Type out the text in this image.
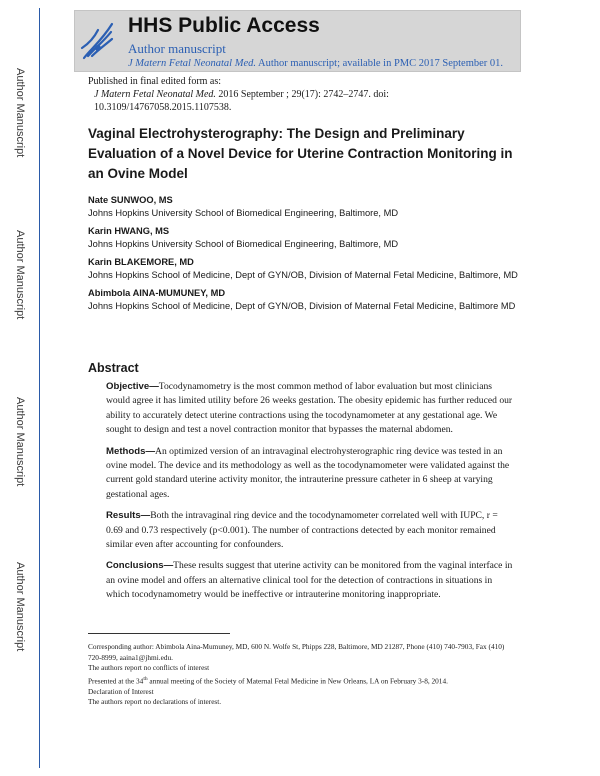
Author Manuscript
Author Manuscript
Author Manuscript
Author Manuscript
HHS Public Access
Author manuscript
J Matern Fetal Neonatal Med. Author manuscript; available in PMC 2017 September 01.
Published in final edited form as:
J Matern Fetal Neonatal Med. 2016 September ; 29(17): 2742–2747. doi:
10.3109/14767058.2015.1107538.
Vaginal Electrohysterography: The Design and Preliminary Evaluation of a Novel Device for Uterine Contraction Monitoring in an Ovine Model
Nate SUNWOO, MS
Johns Hopkins University School of Biomedical Engineering, Baltimore, MD
Karin HWANG, MS
Johns Hopkins University School of Biomedical Engineering, Baltimore, MD
Karin BLAKEMORE, MD
Johns Hopkins School of Medicine, Dept of GYN/OB, Division of Maternal Fetal Medicine, Baltimore, MD
Abimbola AINA-MUMUNEY, MD
Johns Hopkins School of Medicine, Dept of GYN/OB, Division of Maternal Fetal Medicine, Baltimore MD
Abstract

Objective—Tocodynamometry is the most common method of labor evaluation but most clinicians would agree it has limited utility before 26 weeks gestation. The obesity epidemic has further reduced our ability to accurately detect uterine contractions using the tocodynamometer at any gestational age. We sought to design and test a novel contraction monitor that bypasses the maternal abdomen.

Methods—An optimized version of an intravaginal electrohysterographic ring device was tested in an ovine model. The device and its methodology as well as the tocodynamometer were validated against the current gold standard uterine activity monitor, the intrauterine pressure catheter in 6 sheep at varying gestational ages.

Results—Both the intravaginal ring device and the tocodynamometer correlated well with IUPC, r = 0.69 and 0.73 respectively (p<0.001). The number of contractions detected by each monitor remained similar even after accounting for confounders.

Conclusions—These results suggest that uterine activity can be monitored from the vaginal interface in an ovine model and offers an alternative clinical tool for the detection of contractions in situations in which tocodynamometry would be ineffective or intrauterine monitoring inappropriate.

Corresponding author: Abimbola Aina-Mumuney, MD, 600 N. Wolfe St, Phipps 228, Baltimore, MD 21287, Phone (410) 740-7903, Fax (410) 720-8999, aaina1@jhmi.edu.

The authors report no conflicts of interest

Presented at the 34th annual meeting of the Society of Maternal Fetal Medicine in New Orleans, LA on February 3-8, 2014.

Declaration of Interest

The authors report no declarations of interest.
